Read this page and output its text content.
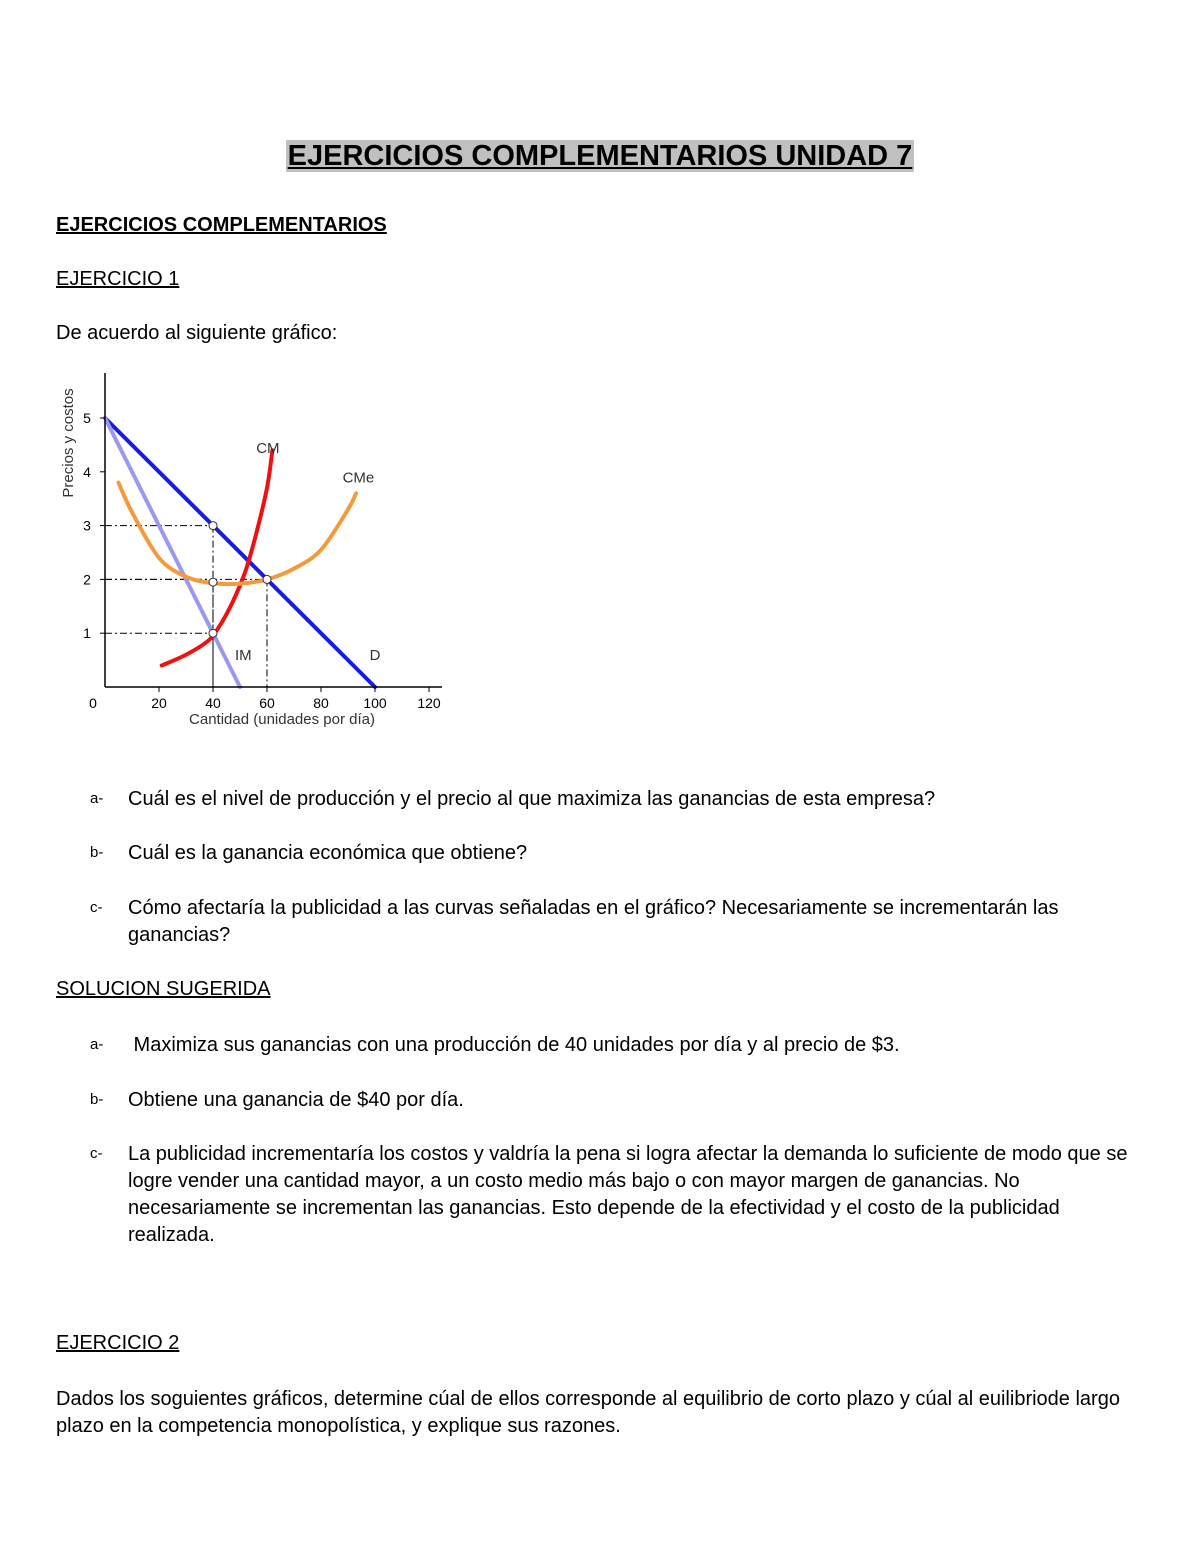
EJERCICIOS COMPLEMENTARIOS UNIDAD 7
EJERCICIOS COMPLEMENTARIOS
EJERCICIO 1
De acuerdo al siguiente gráfico:
0	20	40	60	80 100 120
1
2
3
4
5
Cantidad (unidades por día)
Precios y costos
D
IM
CM
CMe
a-	Cuál es el nivel de producción y el precio al que maximiza las ganancias de esta empresa?
b-	Cuál es la ganancia económica que obtiene?
c-	Cómo afectaría la publicidad a las curvas señaladas en el gráfico? Necesariamente se incrementarán las ganancias?
SOLUCION SUGERIDA
a-	Maximiza sus ganancias con una producción de 40 unidades por día y al precio de $3.
b-	Obtiene una ganancia de $40 por día.
c-	La publicidad incrementaría los costos y valdría la pena si logra afectar la demanda lo suficiente de modo que se logre vender una cantidad mayor, a un costo medio más bajo o con mayor margen de ganancias. No necesariamente se incrementan las ganancias. Esto depende de la efectividad y el costo de la publicidad realizada.
EJERCICIO 2
Dados los soguientes gráficos, determine cúal de ellos corresponde al equilibrio de corto plazo y cúal al euilibriode largo plazo en la competencia monopolística, y explique sus razones.
